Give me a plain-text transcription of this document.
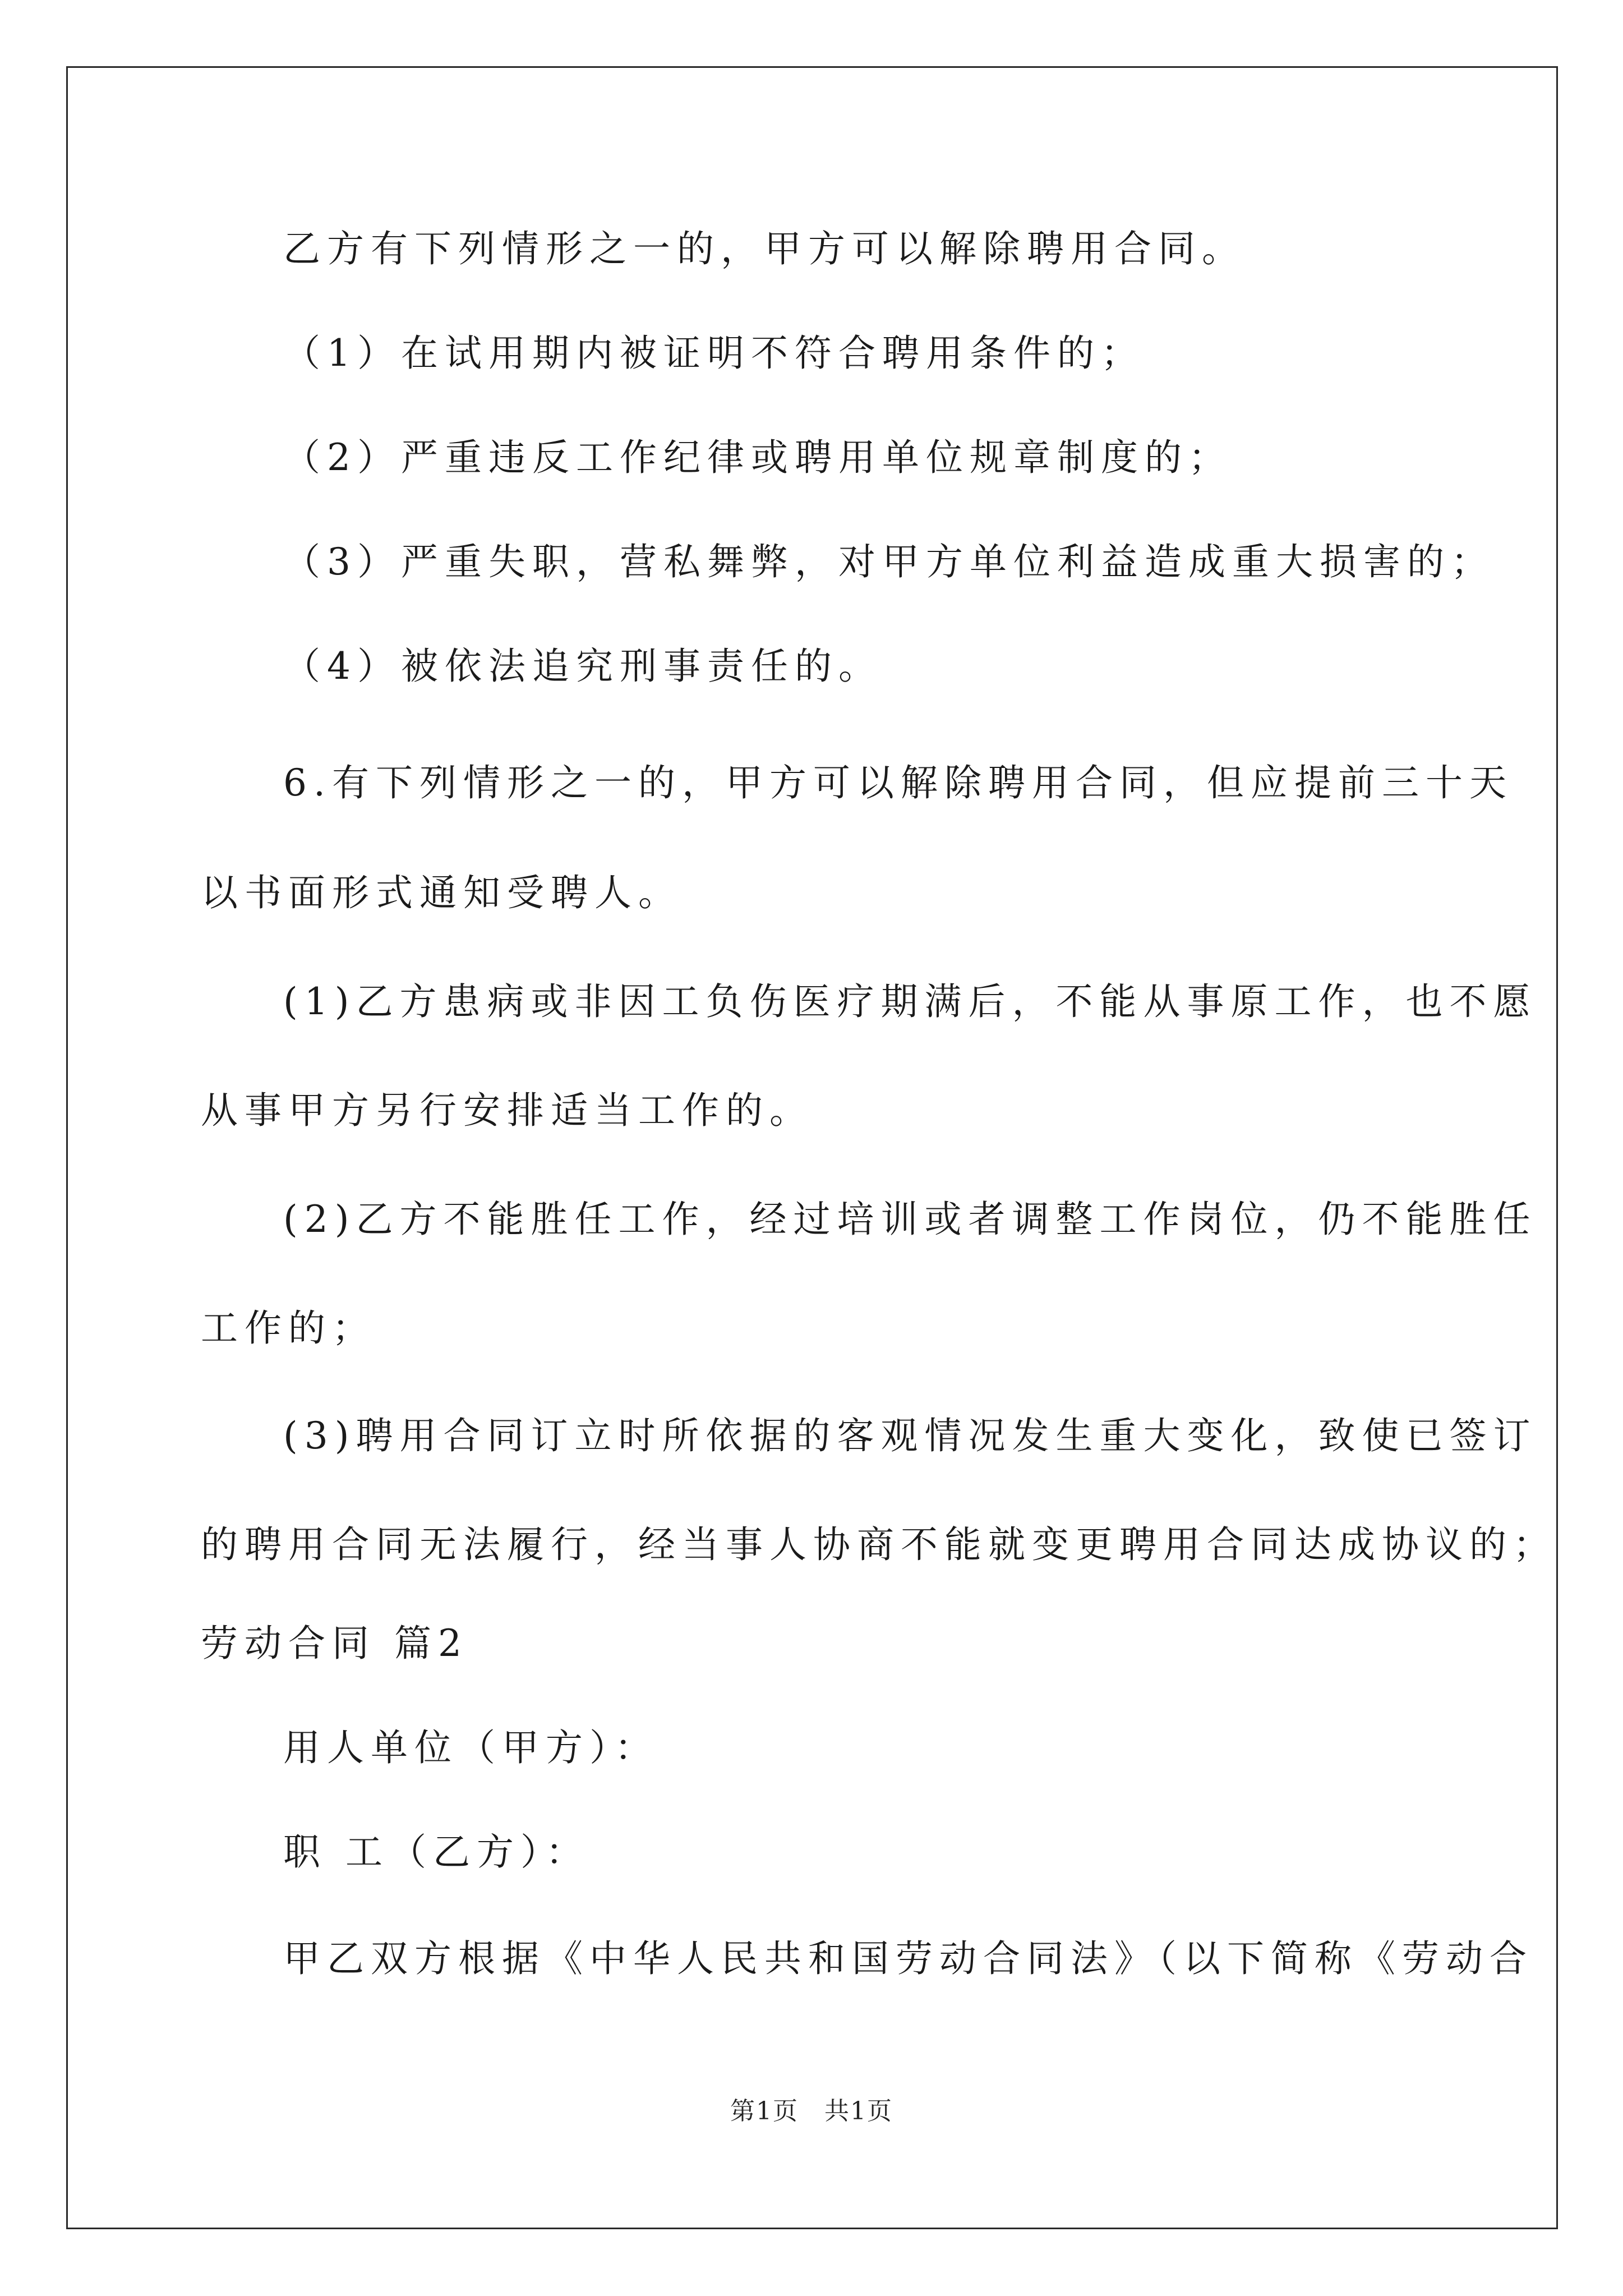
乙方有下列情形之一的，甲方可以解除聘用合同。
（1）在试用期内被证明不符合聘用条件的；
（2）严重违反工作纪律或聘用单位规章制度的；
（3）严重失职，营私舞弊，对甲方单位利益造成重大损害的；
（4）被依法追究刑事责任的。
6.有下列情形之一的，甲方可以解除聘用合同，但应提前三十天
以书面形式通知受聘人。
(1)乙方患病或非因工负伤医疗期满后，不能从事原工作，也不愿
从事甲方另行安排适当工作的。
(2)乙方不能胜任工作，经过培训或者调整工作岗位，仍不能胜任
工作的；
(3)聘用合同订立时所依据的客观情况发生重大变化，致使已签订
的聘用合同无法履行，经当事人协商不能就变更聘用合同达成协议的；
劳动合同 篇2
用人单位（甲方）：
职 工（乙方）：
甲乙双方根据《中华人民共和国劳动合同法》（以下简称《劳动合
第1页　共1页
